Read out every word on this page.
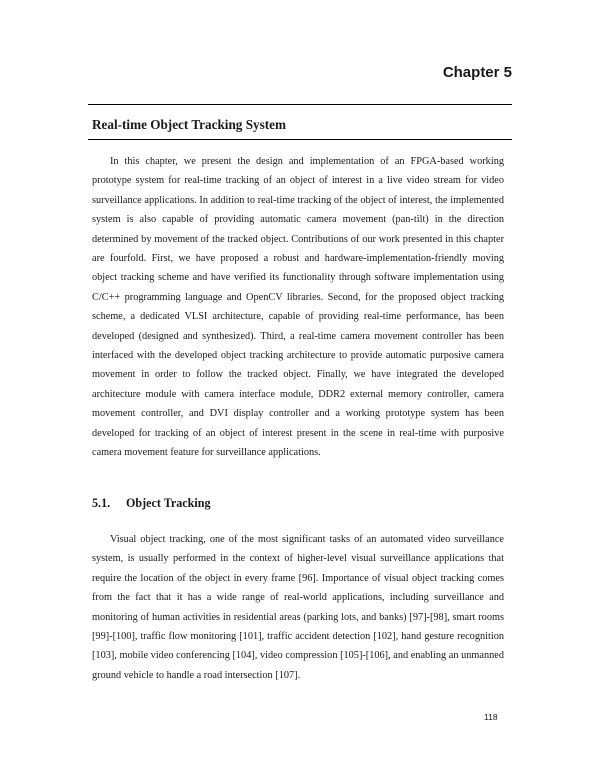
Chapter 5
Real-time Object Tracking System

In this chapter, we present the design and implementation of an FPGA-based working prototype system for real-time tracking of an object of interest in a live video stream for video surveillance applications. In addition to real-time tracking of the object of interest, the implemented system is also capable of providing automatic camera movement (pan-tilt) in the direction determined by movement of the tracked object. Contributions of our work presented in this chapter are fourfold. First, we have proposed a robust and hardware-implementation-friendly moving object tracking scheme and have verified its functionality through software implementation using C/C++ programming language and OpenCV libraries. Second, for the proposed object tracking scheme, a dedicated VLSI architecture, capable of providing real-time performance, has been developed (designed and synthesized). Third, a real-time camera movement controller has been interfaced with the developed object tracking architecture to provide automatic purposive camera movement in order to follow the tracked object. Finally, we have integrated the developed architecture module with camera interface module, DDR2 external memory controller, camera movement controller, and DVI display controller and a working prototype system has been developed for tracking of an object of interest present in the scene in real-time with purposive camera movement feature for surveillance applications.

5.1. Object Tracking

Visual object tracking, one of the most significant tasks of an automated video surveillance system, is usually performed in the context of higher-level visual surveillance applications that require the location of the object in every frame [96]. Importance of visual object tracking comes from the fact that it has a wide range of real-world applications, including surveillance and monitoring of human activities in residential areas (parking lots, and banks) [97]-[98], smart rooms [99]-[100], traffic flow monitoring [101], traffic accident detection [102], hand gesture recognition [103], mobile video conferencing [104], video compression [105]-[106], and enabling an unmanned ground vehicle to handle a road intersection [107].

118
